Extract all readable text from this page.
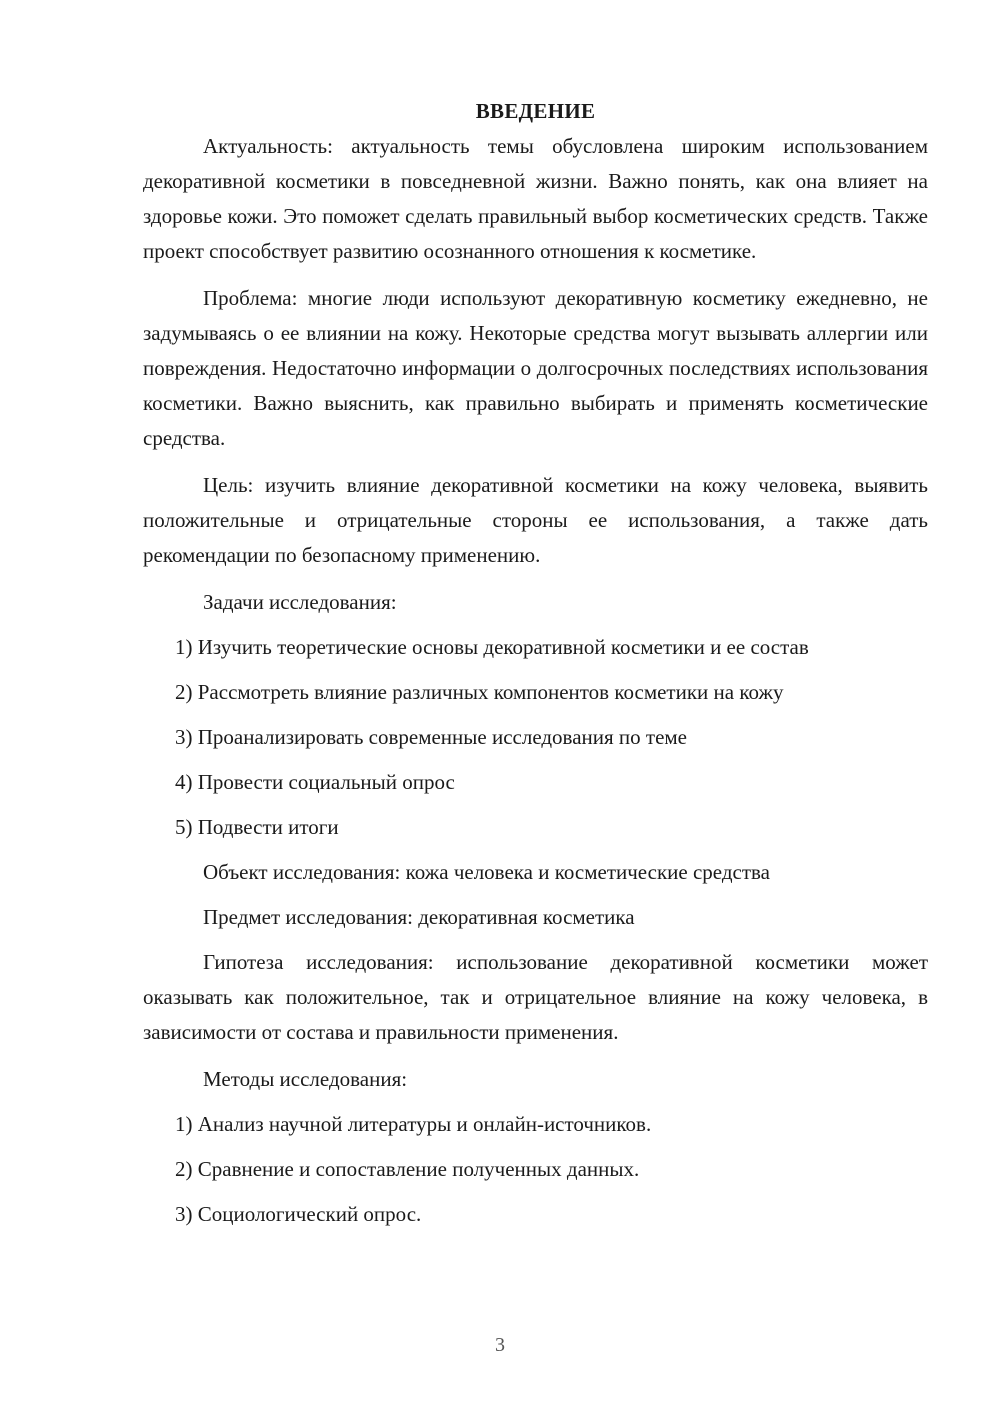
ВВЕДЕНИЕ

Актуальность: актуальность темы обусловлена широким использованием декоративной косметики в повседневной жизни. Важно понять, как она влияет на здоровье кожи. Это поможет сделать правильный выбор косметических средств. Также проект способствует развитию осознанного отношения к косметике.

Проблема: многие люди используют декоративную косметику ежедневно, не задумываясь о ее влиянии на кожу. Некоторые средства могут вызывать аллергии или повреждения. Недостаточно информации о долгосрочных последствиях использования косметики. Важно выяснить, как правильно выбирать и применять косметические средства.

Цель: изучить влияние декоративной косметики на кожу человека, выявить положительные и отрицательные стороны ее использования, а также дать рекомендации по безопасному применению.

Задачи исследования:

1) Изучить теоретические основы декоративной косметики и ее состав
2) Рассмотреть влияние различных компонентов косметики на кожу
3) Проанализировать современные исследования по теме
4) Провести социальный опрос
5) Подвести итоги

Объект исследования: кожа человека и косметические средства

Предмет исследования: декоративная косметика

Гипотеза исследования: использование декоративной косметики может оказывать как положительное, так и отрицательное влияние на кожу человека, в зависимости от состава и правильности применения.

Методы исследования:

1) Анализ научной литературы и онлайн-источников.
2) Сравнение и сопоставление полученных данных.
3) Социологический опрос.
3
